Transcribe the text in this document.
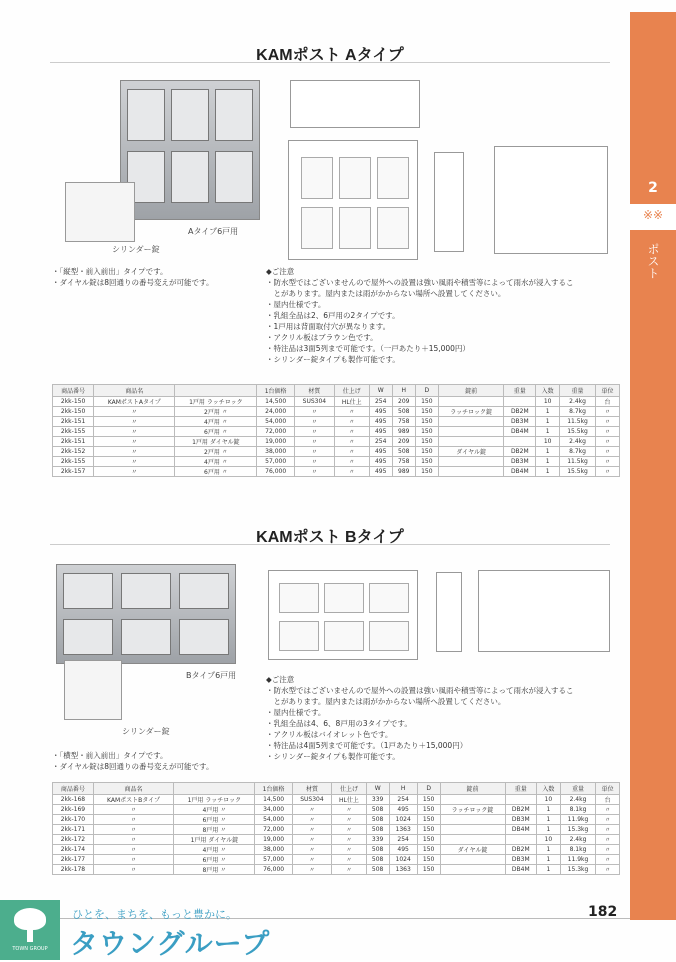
2
※※
ポスト
KAMポスト Aタイプ
シリンダー錠
Aタイプ6戸用
・「縦型・前入前出」タイプです。
・ダイヤル錠は8回通りの番号変えが可能です。
◆ご注意
・防水型ではございませんので屋外への設置は強い風雨や積雪等によって雨水が浸入するこ
　とがあります。屋内または雨がかからない場所へ設置してください。
・屋内仕様です。
・乳組全品は2、6戸用の2タイプです。
・1戸用は背面取付穴が異なります。
・アクリル板はブラウン色です。
・特注品は3面5列まで可能です。（一戸あたり＋15,000円）
・シリンダー錠タイプも製作可能です。
商品番号	商品名		1台価格	材質	仕上げ	W	H	D	錠前	重量	入数	重量	単位
2kk-150	KAMポストAタイプ	1戸用 ラッチロック	14,500	SUS304	HL仕上	254	209	150			10	2.4kg	台
2kk-150	〃	2戸用 〃	24,000	〃	〃	495	508	150	ラッチロック錠	DB2M	1	8.7kg	〃
2kk-151	〃	4戸用 〃	54,000	〃	〃	495	758	150		DB3M	1	11.5kg	〃
2kk-155	〃	6戸用 〃	72,000	〃	〃	495	989	150		DB4M	1	15.5kg	〃
2kk-151	〃	1戸用 ダイヤル錠	19,000	〃	〃	254	209	150			10	2.4kg	〃
2kk-152	〃	2戸用 〃	38,000	〃	〃	495	508	150	ダイヤル錠	DB2M	1	8.7kg	〃
2kk-155	〃	4戸用 〃	57,000	〃	〃	495	758	150		DB3M	1	11.5kg	〃
2kk-157	〃	6戸用 〃	76,000	〃	〃	495	989	150		DB4M	1	15.5kg	〃
KAMポスト Bタイプ
シリンダー錠
Bタイプ6戸用
・「横型・前入前出」タイプです。
・ダイヤル錠は8回通りの番号変えが可能です。
◆ご注意
・防水型ではございませんので屋外への設置は強い風雨や積雪等によって雨水が浸入するこ
　とがあります。屋内または雨がかからない場所へ設置してください。
・屋内仕様です。
・乳組全品は4、6、8戸用の3タイプです。
・アクリル板はバイオレット色です。
・特注品は4面5列まで可能です。（1戸あたり＋15,000円）
・シリンダー錠タイプも製作可能です。
商品番号	商品名		1台価格	材質	仕上げ	W	H	D	錠前	重量	入数	重量	単位
2kk-168	KAMポストBタイプ	1戸用 ラッチロック	14,500	SUS304	HL仕上	339	254	150			10	2.4kg	台
2kk-169	〃	4戸用 〃	34,000	〃	〃	508	495	150	ラッチロック錠	DB2M	1	8.1kg	〃
2kk-170	〃	6戸用 〃	54,000	〃	〃	508	1024	150		DB3M	1	11.9kg	〃
2kk-171	〃	8戸用 〃	72,000	〃	〃	508	1363	150		DB4M	1	15.3kg	〃
2kk-172	〃	1戸用 ダイヤル錠	19,000	〃	〃	339	254	150			10	2.4kg	〃
2kk-174	〃	4戸用 〃	38,000	〃	〃	508	495	150	ダイヤル錠	DB2M	1	8.1kg	〃
2kk-177	〃	6戸用 〃	57,000	〃	〃	508	1024	150		DB3M	1	11.9kg	〃
2kk-178	〃	8戸用 〃	76,000	〃	〃	508	1363	150		DB4M	1	15.3kg	〃
TOWN GROUP
ひとを、まちを、もっと豊かに。
タウングループ
182
